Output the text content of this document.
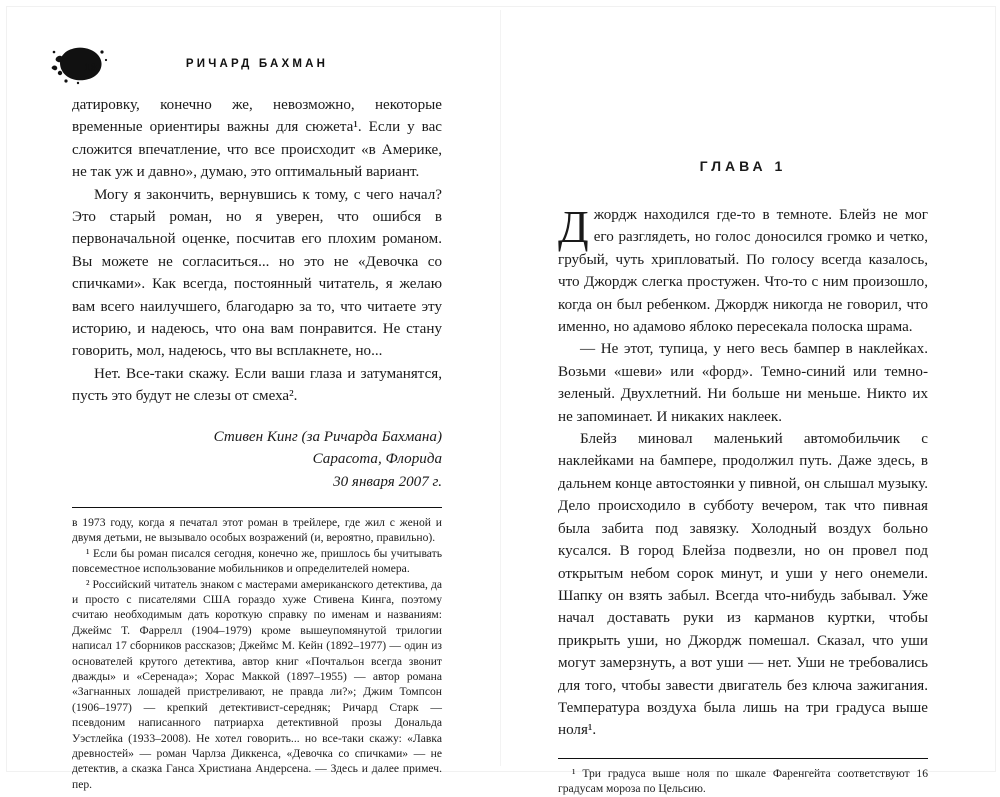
18	РИЧАРД БАХМАН

датировку, конечно же, невозможно, некоторые временные ориентиры важны для сюжета¹. Если у вас сложится впечатление, что все происходит «в Америке, не так уж и давно», думаю, это оптимальный вариант.

Могу я закончить, вернувшись к тому, с чего начал? Это старый роман, но я уверен, что ошибся в первоначальной оценке, посчитав его плохим романом. Вы можете не согласиться... но это не «Девочка со спичками». Как всегда, постоянный читатель, я желаю вам всего наилучшего, благодарю за то, что читаете эту историю, и надеюсь, что она вам понравится. Не стану говорить, мол, надеюсь, что вы всплакнете, но...

Нет. Все-таки скажу. Если ваши глаза и затуманятся, пусть это будут не слезы от смеха².

Стивен Кинг (за Ричарда Бахмана)
Сарасота, Флорида
30 января 2007 г.

в 1973 году, когда я печатал этот роман в трейлере, где жил с женой и двумя детьми, не вызывало особых возражений (и, вероятно, правильно).

¹ Если бы роман писался сегодня, конечно же, пришлось бы учитывать повсеместное использование мобильников и определителей номера.

² Российский читатель знаком с мастерами американского детектива, да и просто с писателями США гораздо хуже Стивена Кинга, поэтому считаю необходимым дать короткую справку по именам и названиям: Джеймс Т. Фаррелл (1904–1979) кроме вышеупомянутой трилогии написал 17 сборников рассказов; Джеймс М. Кейн (1892–1977) — один из основателей крутого детектива, автор книг «Почтальон всегда звонит дважды» и «Серенада»; Хорас Маккой (1897–1955) — автор романа «Загнанных лошадей пристреливают, не правда ли?»; Джим Томпсон (1906–1977) — крепкий детективист-середняк; Ричард Старк — псевдоним написанного патриарха детективной прозы Дональда Уэстлейка (1933–2008). Не хотел говорить... но все-таки скажу: «Лавка древностей» — роман Чарлза Диккенса, «Девочка со спичками» — не детектив, а сказка Ганса Христиана Андерсена. — Здесь и далее примеч. пер.

ГЛАВА 1

Джордж находился где-то в темноте. Блейз не мог его разглядеть, но голос доносился громко и четко, грубый, чуть хрипловатый. По голосу всегда казалось, что Джордж слегка простужен. Что-то с ним произошло, когда он был ребенком. Джордж никогда не говорил, что именно, но адамово яблоко пересекала полоска шрама.

— Не этот, тупица, у него весь бампер в наклейках. Возьми «шеви» или «форд». Темно-синий или темно-зеленый. Двухлетний. Ни больше ни меньше. Никто их не запоминает. И никаких наклеек.

Блейз миновал маленький автомобильчик с наклейками на бампере, продолжил путь. Даже здесь, в дальнем конце автостоянки у пивной, он слышал музыку. Дело происходило в субботу вечером, так что пивная была забита под завязку. Холодный воздух больно кусался. В город Блейза подвезли, но он провел под открытым небом сорок минут, и уши у него онемели. Шапку он взять забыл. Всегда что-нибудь забывал. Уже начал доставать руки из карманов куртки, чтобы прикрыть уши, но Джордж помешал. Сказал, что уши могут замерзнуть, а вот уши — нет. Уши не требовались для того, чтобы завести двигатель без ключа зажигания. Температура воздуха была лишь на три градуса выше ноля¹.

¹ Три градуса выше ноля по шкале Фаренгейта соответствуют 16 градусам мороза по Цельсию.
